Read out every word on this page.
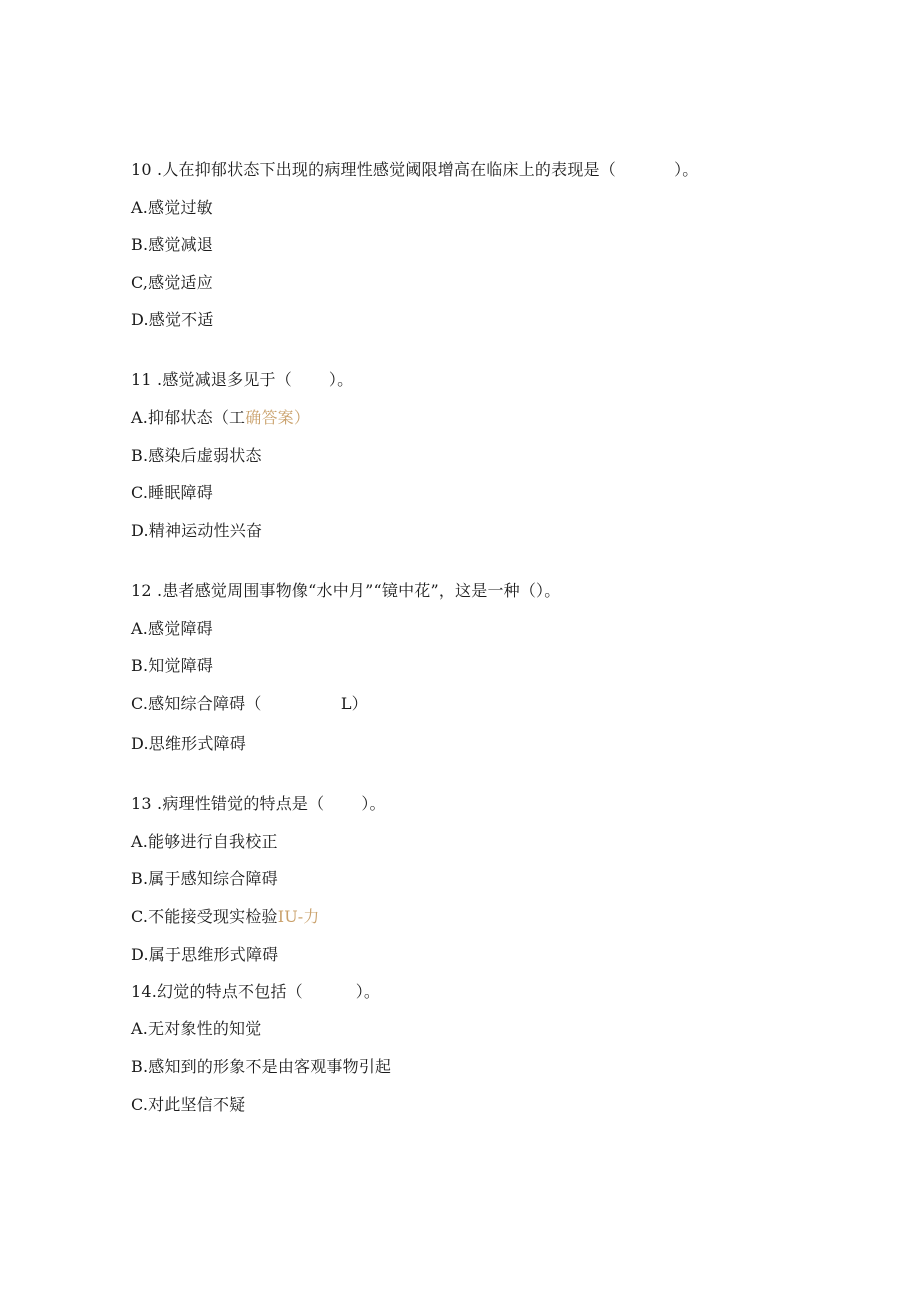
10 .人在抑郁状态下出现的病理性感觉阈限增高在临床上的表现是（           ）。
A.感觉过敏
B.感觉减退
C,感觉适应
D.感觉不适
11 .感觉减退多见于（       ）。
A.抑郁状态（工确答案）
B.感染后虚弱状态
C.睡眠障碍
D.精神运动性兴奋
12 .患者感觉周围事物像“水中月”“镜中花”，这是一种（）。
A.感觉障碍
B.知觉障碍
C.感知综合障碍（               L）
D.思维形式障碍
13 .病理性错觉的特点是（       ）。
A.能够进行自我校正
B.属于感知综合障碍
C.不能接受现实检验IU-力
D.属于思维形式障碍
14.幻觉的特点不包括（          ）。
A.无对象性的知觉
B.感知到的形象不是由客观事物引起
C.对此坚信不疑
